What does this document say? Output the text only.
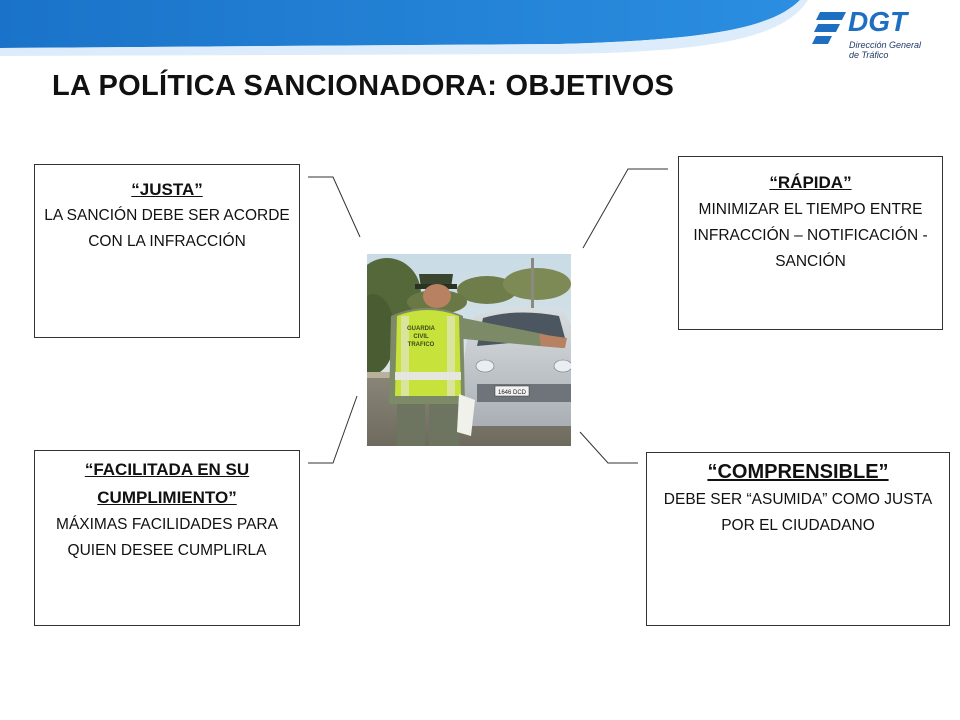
DGT
Dirección General
de Tráfico
LA POLÍTICA SANCIONADORA: OBJETIVOS
“JUSTA”
LA SANCIÓN DEBE SER ACORDE CON LA INFRACCIÓN
“RÁPIDA”
MINIMIZAR EL TIEMPO ENTRE INFRACCIÓN – NOTIFICACIÓN - SANCIÓN
“FACILITADA EN SU CUMPLIMIENTO”
MÁXIMAS FACILIDADES PARA QUIEN DESEE CUMPLIRLA
“COMPRENSIBLE”
DEBE SER “ASUMIDA” COMO JUSTA POR EL CIUDADANO
1646 DCD
GUARDIA
CIVIL
TRAFICO
